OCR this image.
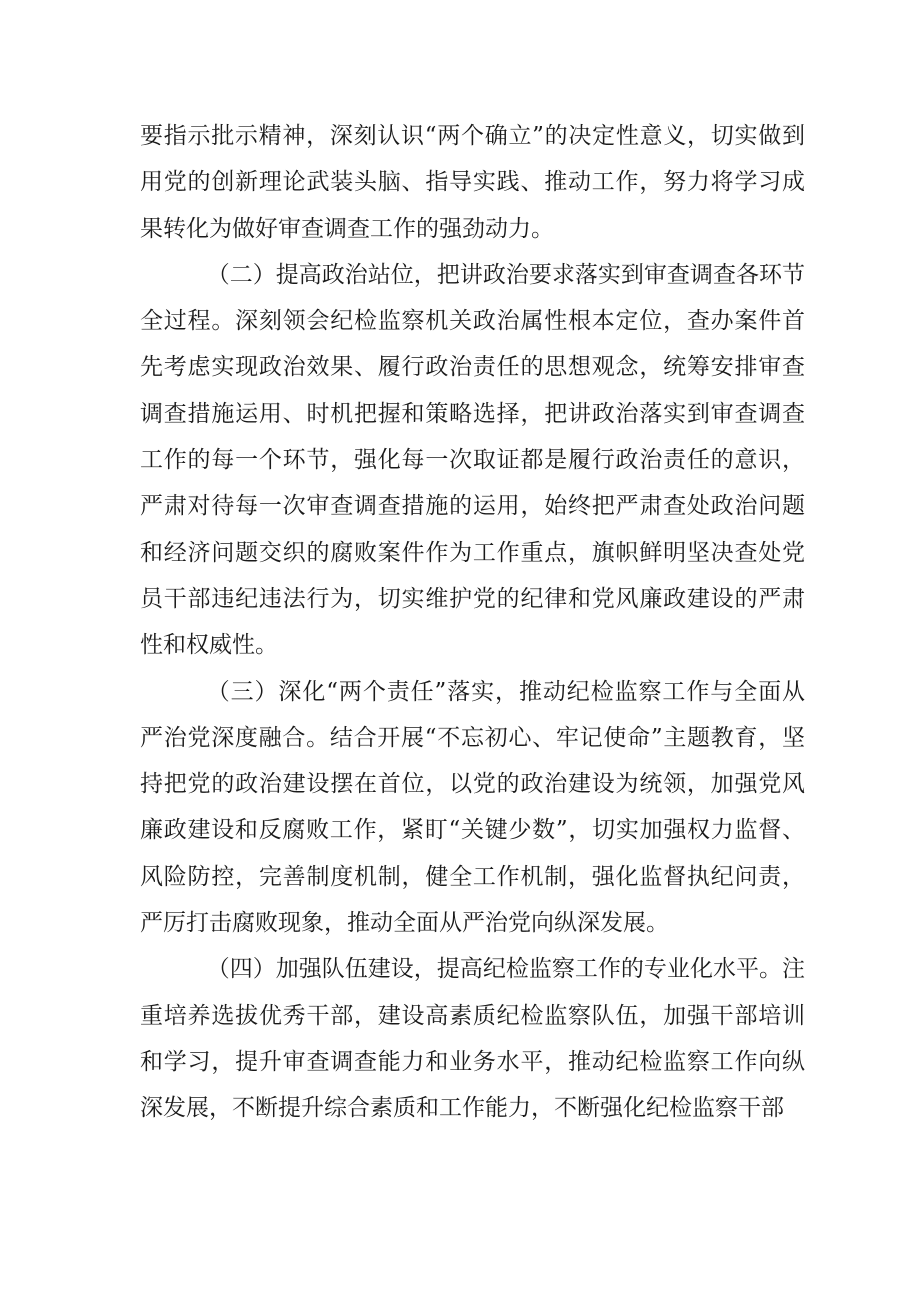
要指示批示精神，深刻认识“两个确立”的决定性意义，切实做到用党的创新理论武装头脑、指导实践、推动工作，努力将学习成果转化为做好审查调查工作的强劲动力。

（二）提高政治站位，把讲政治要求落实到审查调查各环节全过程。深刻领会纪检监察机关政治属性根本定位，查办案件首先考虑实现政治效果、履行政治责任的思想观念，统筹安排审查调查措施运用、时机把握和策略选择，把讲政治落实到审查调查工作的每一个环节，强化每一次取证都是履行政治责任的意识，严肃对待每一次审查调查措施的运用，始终把严肃查处政治问题和经济问题交织的腐败案件作为工作重点，旗帜鲜明坚决查处党员干部违纪违法行为，切实维护党的纪律和党风廉政建设的严肃性和权威性。

（三）深化“两个责任”落实，推动纪检监察工作与全面从严治党深度融合。结合开展“不忘初心、牢记使命”主题教育，坚持把党的政治建设摆在首位，以党的政治建设为统领，加强党风廉政建设和反腐败工作，紧盯“关键少数”，切实加强权力监督、风险防控，完善制度机制，健全工作机制，强化监督执纪问责，严厉打击腐败现象，推动全面从严治党向纵深发展。

（四）加强队伍建设，提高纪检监察工作的专业化水平。注重培养选拔优秀干部，建设高素质纪检监察队伍，加强干部培训和学习，提升审查调查能力和业务水平，推动纪检监察工作向纵深发展，不断提升综合素质和工作能力，不断强化纪检监察干部
